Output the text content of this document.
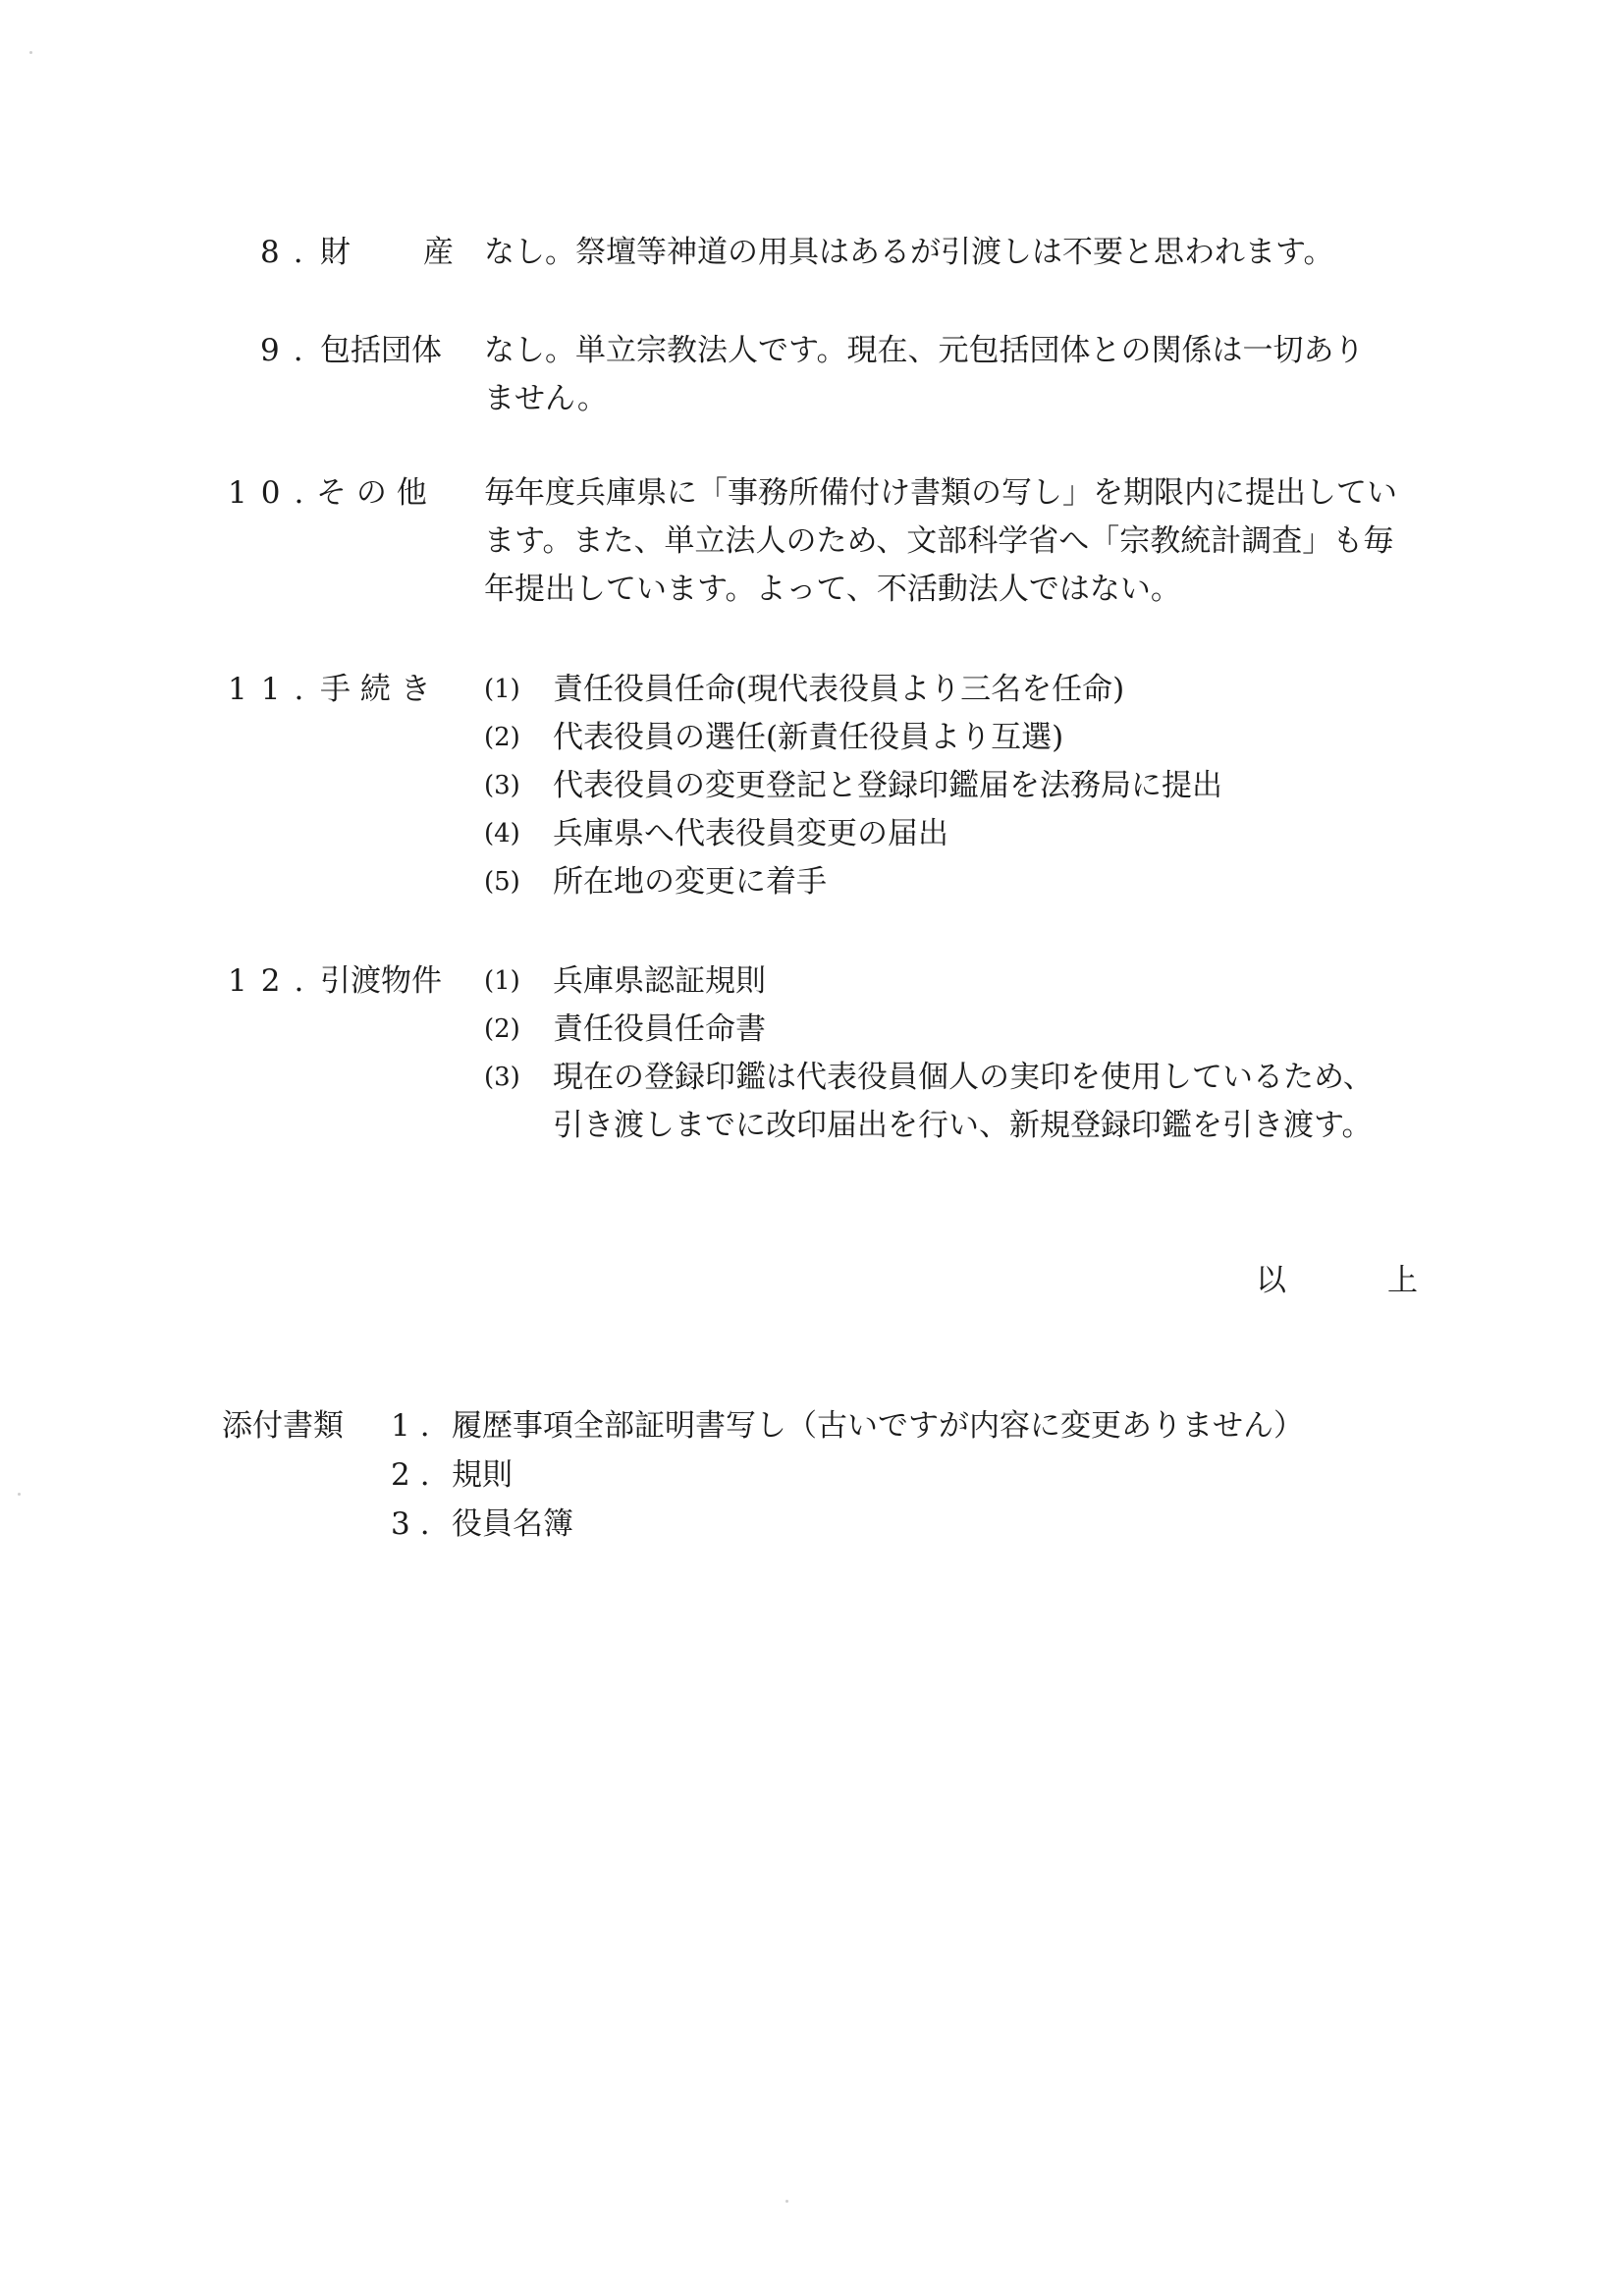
8. 財　　産 なし。祭壇等神道の用具はあるが引渡しは不要と思われます。
9. 包括団体 なし。単立宗教法人です。現在、元包括団体との関係は一切あり
ません。
10.
そ の 他 毎年度兵庫県に「事務所備付け書類の写し」を期限内に提出してい
ます。また、単立法人のため、文部科学省へ「宗教統計調査」も毎
年提出しています。よって、不活動法人ではない。
11. 手 続 き (1) 責任役員任命(現代表役員より三名を任命)
(2) 代表役員の選任(新責任役員より互選)
(3) 代表役員の変更登記と登録印鑑届を法務局に提出
(4) 兵庫県へ代表役員変更の届出
(5) 所在地の変更に着手
12. 引渡物件 (1) 兵庫県認証規則
(2) 責任役員任命書
(3) 現在の登録印鑑は代表役員個人の実印を使用しているため、
引き渡しまでに改印届出を行い、新規登録印鑑を引き渡す。
以　上
添付書類 1. 履歴事項全部証明書写し（古いですが内容に変更ありません）
2. 規則
3. 役員名簿
